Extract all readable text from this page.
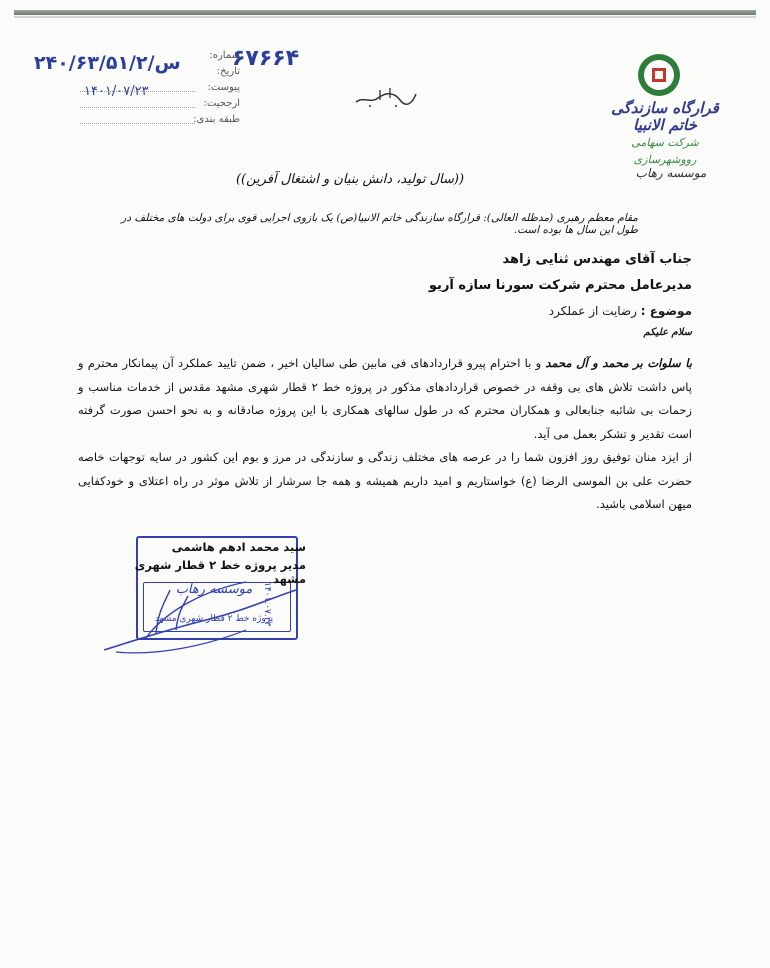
قرارگاه سازندگی خاتم الانبیا
شرکت سهامی رووشهرسازی
موسسه رهاب
۶۷۶۶۴
۲۴۰/۶۳/۵۱/۲/س
۱۴۰۱/۰۷/۲۳
شماره:
تاریخ:
پیوست:
ارجحیت:
طبقه بندی:
((سال تولید، دانش بنیان و اشتغال آفرین))
مقام معظم رهبری (مدظله العالی): قرارگاه سازندگی خاتم الانبیا(ص) یک بازوی اجرایی قوی برای دولت های مختلف در طول این سال ها بوده است.
جناب آقای مهندس ثنایی زاهد
مدیرعامل محترم شرکت سورنا سازه آریو
موضوع : رضایت از عملکرد
سلام علیکم

با سلوات بر محمد و آل محمد و با احترام پیرو قراردادهای فی مابین طی سالیان اخیر ، ضمن تایید عملکرد آن پیمانکار محترم و پاس داشت تلاش های بی وقفه در خصوص قراردادهای مذکور در پروژه خط ۲ قطار شهری مشهد مقدس از خدمات مناسب و زحمات بی شائبه جنابعالی و همکاران محترم که در طول سالهای همکاری با این پروژه صادقانه و به نحو احسن صورت گرفته است تقدیر و تشکر بعمل می آید.

از ایزد منان توفیق روز افزون شما را در عرصه های مختلف زندگی و سازندگی در مرز و بوم این کشور در سایه توجهات خاصه حضرت علی بن الموسی الرضا (ع) خواستاریم و امید داریم همیشه و همه جا سرشار از تلاش موثر در راه اعتلای و خودکفایی میهن اسلامی باشید.

موسسه رهاب
پروژه خط ۲ قطار شهری مشهد
۱۴۰۱.۰۷.۲۳
سید محمد ادهم هاشمی
مدیر پروژه خط ۲ قطار شهری مشهد
